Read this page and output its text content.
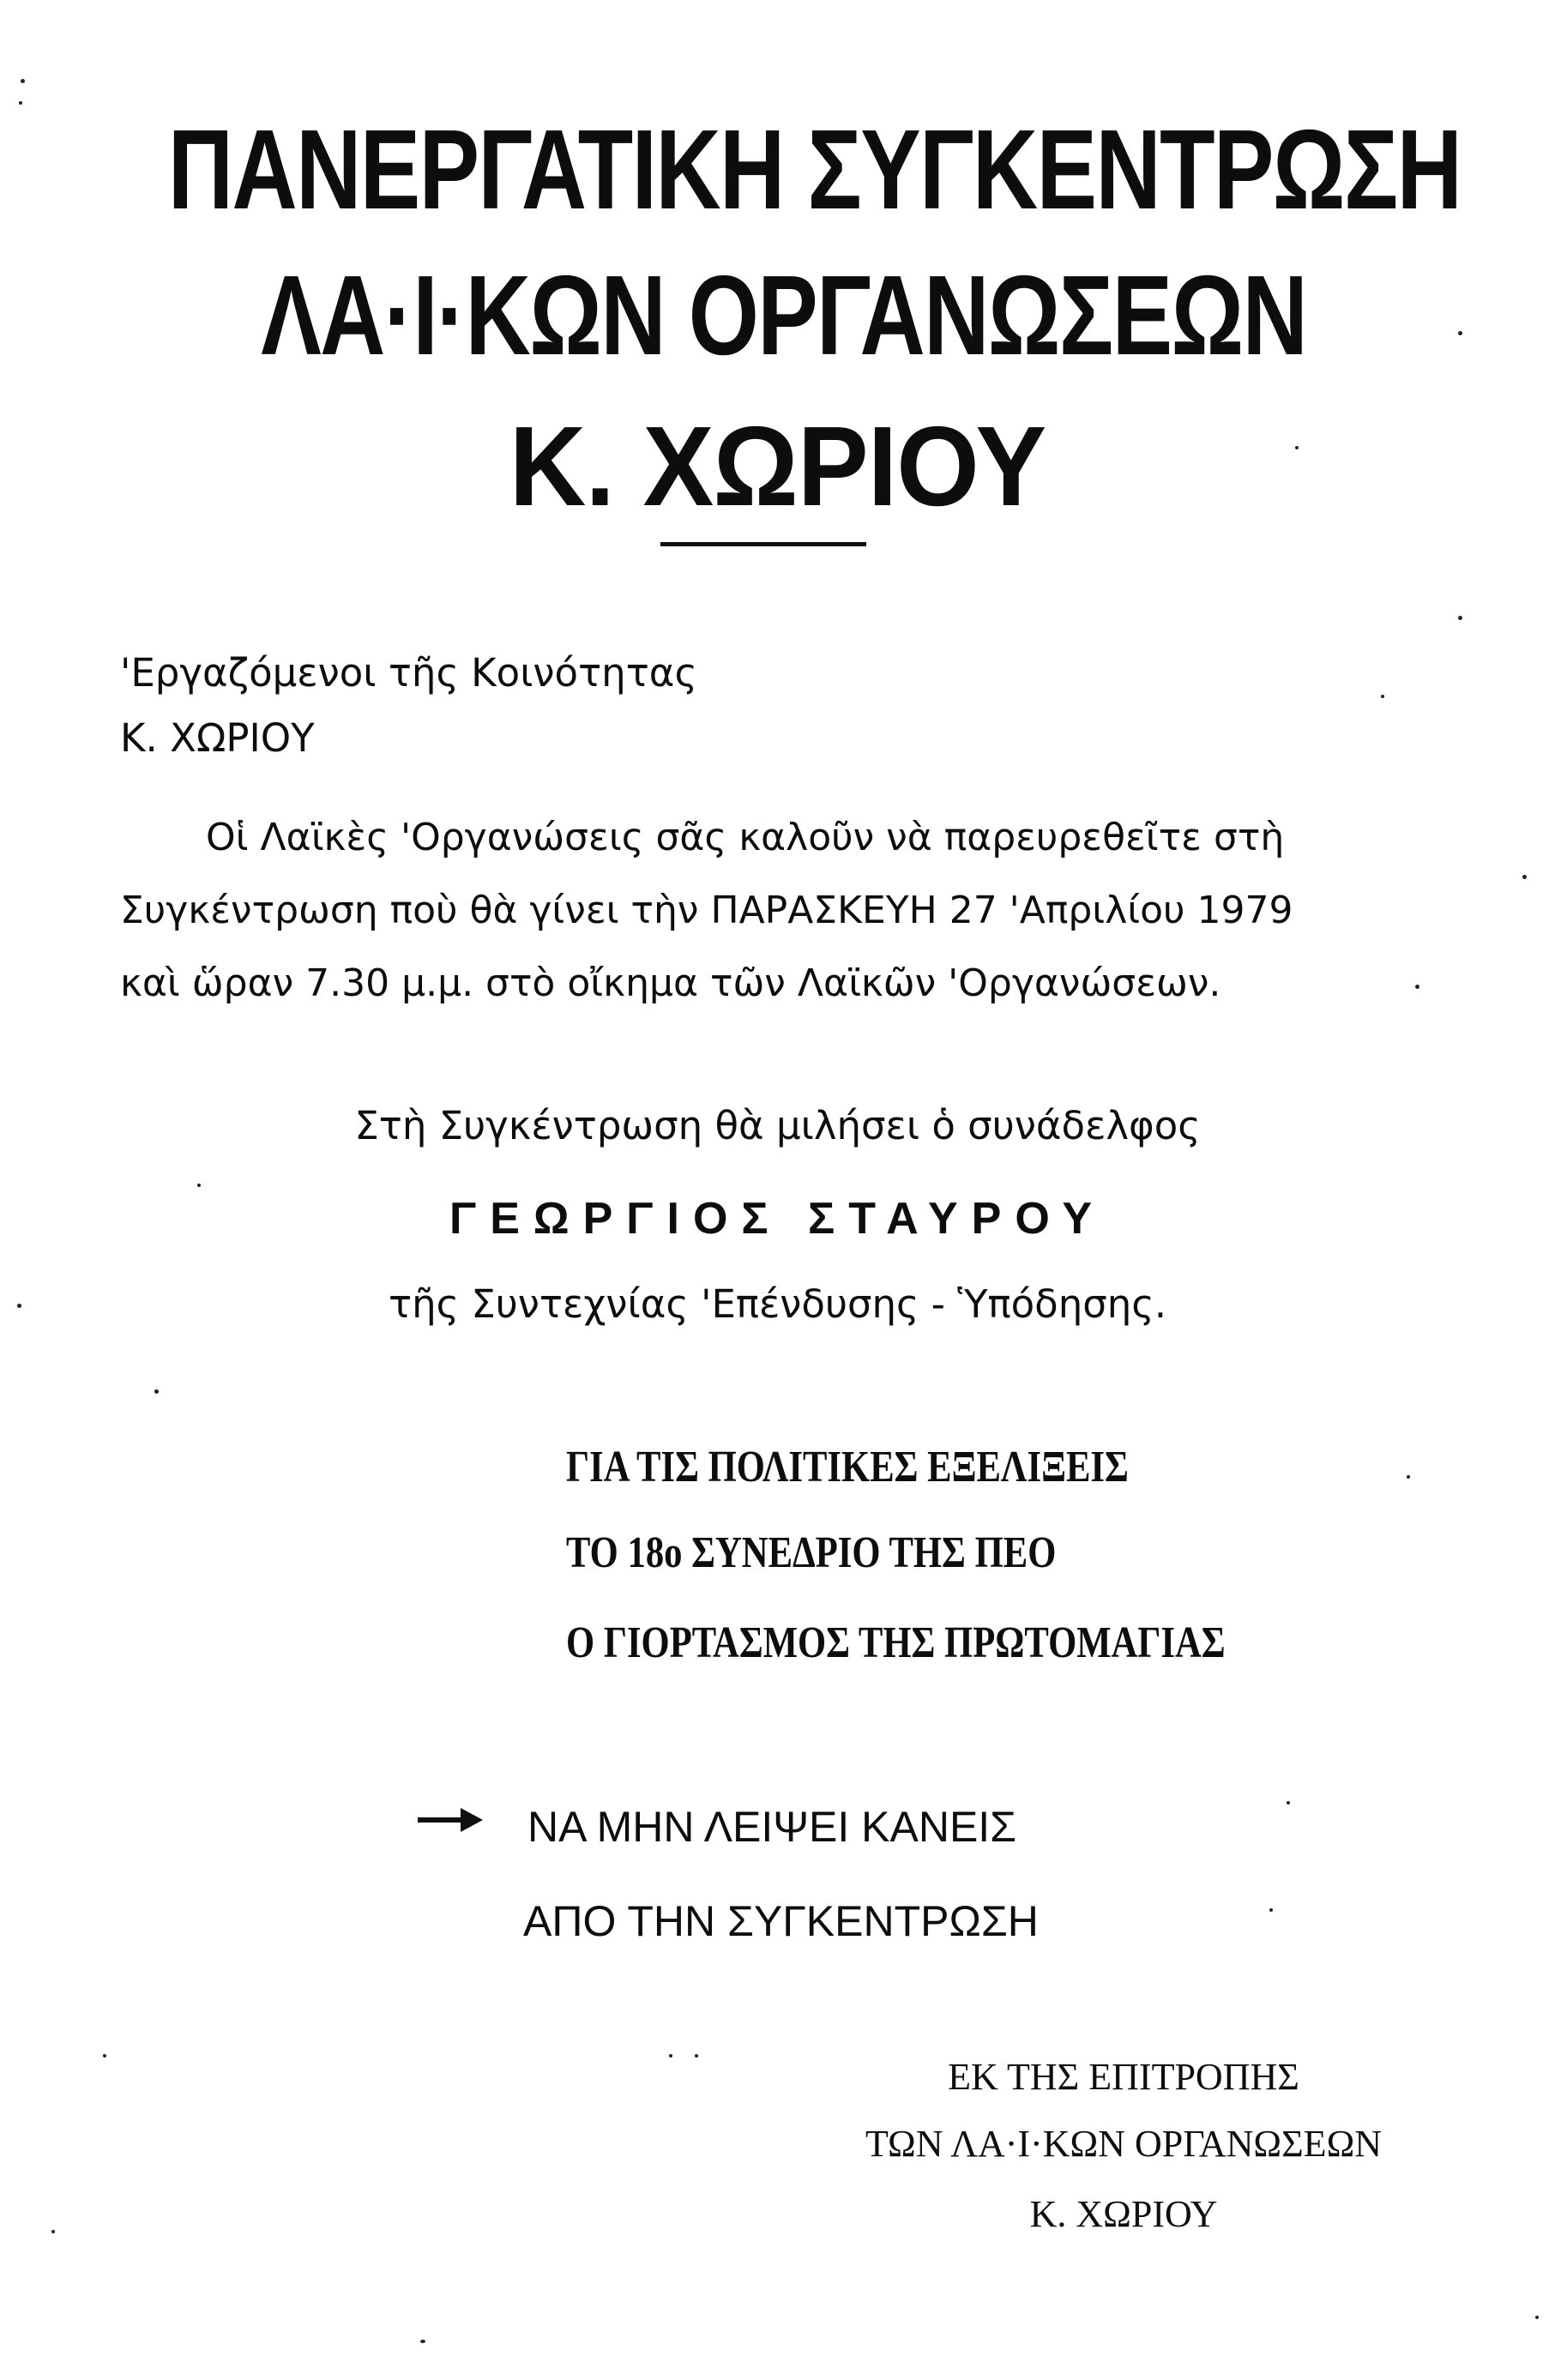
ΠΑΝΕΡΓΑΤΙΚΗ ΣΥΓΚΕΝΤΡΩΣΗ
ΛΑ·Ι·ΚΩΝ ΟΡΓΑΝΩΣΕΩΝ
Κ. ΧΩΡΙΟΥ
'Εργαζόμενοι τῆς Κοινότητας
Κ. ΧΩΡΙΟΥ
Οἱ Λαϊκὲς 'Οργανώσεις σᾶς καλοῦν νὰ παρευρεθεῖτε στὴ
Συγκέντρωση ποὺ θὰ γίνει τὴν ΠΑΡΑΣΚΕΥΗ 27 'Απριλίου 1979
καὶ ὥραν 7.30 μ.μ. στὸ οἴκημα τῶν Λαϊκῶν 'Οργανώσεων.
Στὴ Συγκέντρωση θὰ μιλήσει ὁ συνάδελφος
ΓΕΩΡΓΙΟΣ ΣΤΑΥΡΟΥ
τῆς Συντεχνίας 'Επένδυσης - Ὑπόδησης.
ΓΙΑ ΤΙΣ ΠΟΛΙΤΙΚΕΣ ΕΞΕΛΙΞΕΙΣ
ΤΟ 18ο ΣΥΝΕΔΡΙΟ ΤΗΣ ΠΕΟ
Ο ΓΙΟΡΤΑΣΜΟΣ ΤΗΣ ΠΡΩΤΟΜΑΓΙΑΣ
ΝΑ ΜΗΝ ΛΕΙΨΕΙ ΚΑΝΕΙΣ
ΑΠΟ ΤΗΝ ΣΥΓΚΕΝΤΡΩΣΗ
ΕΚ ΤΗΣ ΕΠΙΤΡΟΠΗΣ
ΤΩΝ ΛΑ·Ι·ΚΩΝ ΟΡΓΑΝΩΣΕΩΝ
Κ. ΧΩΡΙΟΥ
